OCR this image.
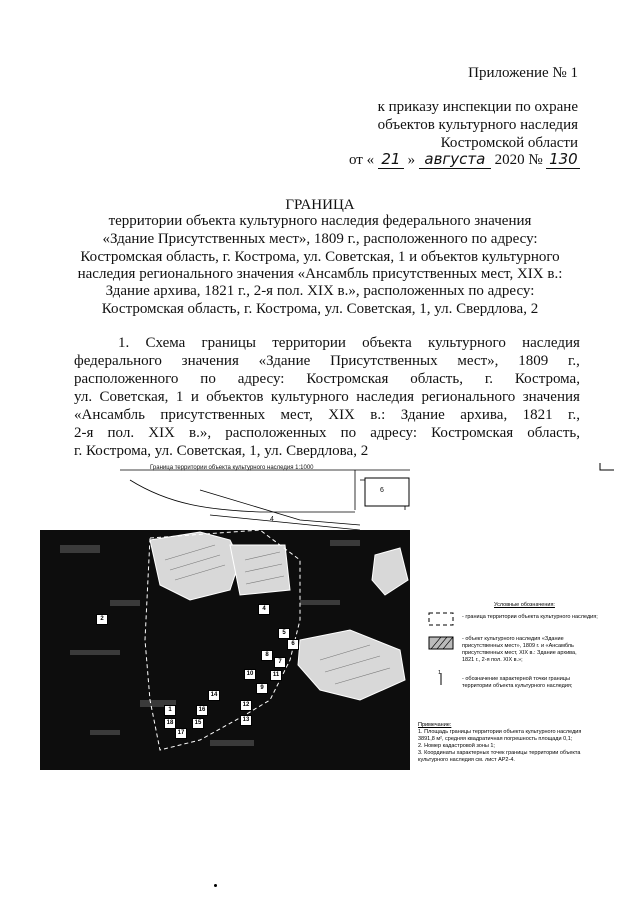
Приложение № 1
к приказу инспекции по охране
объектов культурного наследия
Костромской области
от « 21 » августа 2020 № 130
ГРАНИЦА
территории объекта культурного наследия федерального значения
«Здание Присутственных мест», 1809 г., расположенного по адресу:
Костромская область, г. Кострома, ул. Советская, 1 и объектов культурного
наследия регионального значения «Ансамбль присутственных мест, XIX в.:
Здание архива, 1821 г., 2-я пол. XIX в.», расположенных по адресу:
Костромская область, г. Кострома, ул. Советская, 1, ул. Свердлова, 2
1. Схема границы территории объекта культурного наследия
федерального значения «Здание Присутственных мест», 1809 г.,
расположенного по адресу: Костромская область, г. Кострома,
ул. Советская, 1 и объектов культурного наследия регионального значения
«Ансамбль присутственных мест, XIX в.: Здание архива, 1821 г.,
2-я пол. XIX в.», расположенных по адресу: Костромская область,
г. Кострома, ул. Советская, 1, ул. Свердлова, 2
Граница территории объекта культурного наследия 1:1000
4
6
2
4
5
6
7
8
10	11
9
14
1	16
12
13
18	15
17
Условные обозначения:
1
- граница территории объекта культурного наследия;
- объект культурного наследия «Здание
присутственных мест», 1809 г. и «Ансамбль
присутственных мест, XIX в.: Здание архива,
1821 г., 2-я пол. XIX в.»;
- обозначение характерной точки границы
территории объекта культурного наследия;
Примечание:
1. Площадь границы территории объекта культурного наследия
3891,8 м², средняя квадратичная погрешность площади 0,1;
2. Номер кадастровой зоны 1;
3. Координаты характерных точек границы территории объекта
культурного наследия см. лист АР2-4.
